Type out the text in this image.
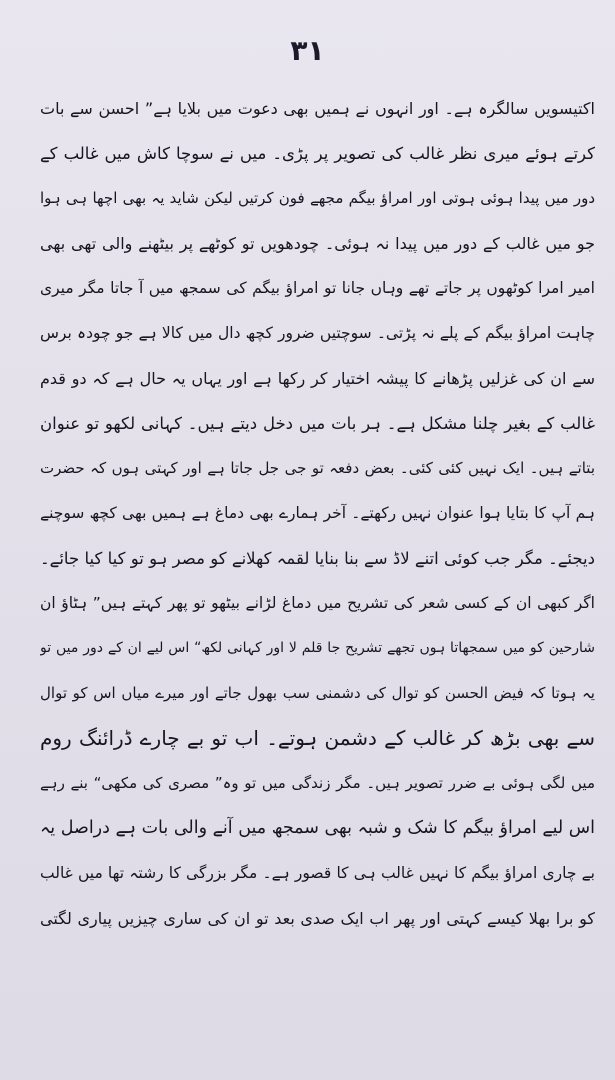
۳۱
اکتیسویں سالگرہ ہے۔ اور انہوں نے ہمیں بھی دعوت میں بلایا ہے” احسن سے بات
کرتے ہوئے میری نظر غالب کی تصویر پر پڑی۔ میں نے سوچا کاش میں غالب کے
دور میں پیدا ہوئی ہوتی اور امراؤ بیگم مجھے فون کرتیں لیکن شاید یہ بھی اچھا ہی ہوا
جو میں غالب کے دور میں پیدا نہ ہوئی۔ چودھویں تو کوٹھے پر بیٹھنے والی تھی بھی
امیر امرا کوٹھوں پر جاتے تھے وہاں جانا تو امراؤ بیگم کی سمجھ میں آ جاتا مگر میری
چاہت امراؤ بیگم کے پلے نہ پڑتی۔ سوچتیں ضرور کچھ دال میں کالا ہے جو چودہ برس
سے ان کی غزلیں پڑھانے کا پیشہ اختیار کر رکھا ہے اور یہاں یہ حال ہے کہ دو قدم
غالب کے بغیر چلنا مشکل ہے۔ ہر بات میں دخل دیتے ہیں۔ کہانی لکھو تو عنوان
بتاتے ہیں۔ ایک نہیں کئی کئی۔ بعض دفعہ تو جی جل جاتا ہے اور کہتی ہوں کہ حضرت
ہم آپ کا بتایا ہوا عنوان نہیں رکھتے۔ آخر ہمارے بھی دماغ ہے ہمیں بھی کچھ سوچنے
دیجئے۔ مگر جب کوئی اتنے لاڈ سے بنا بنایا لقمہ کھلانے کو مصر ہو تو کیا کیا جائے۔
اگر کبھی ان کے کسی شعر کی تشریح میں دماغ لڑانے بیٹھو تو پھر کہتے ہیں” ہٹاؤ ان
شارحین کو میں سمجھاتا ہوں تجھے تشریح جا قلم لا اور کہانی لکھ“ اس لیے ان کے دور میں تو
یہ ہوتا کہ فیض الحسن کو توال کی دشمنی سب بھول جاتے اور میرے میاں اس کو توال
سے بھی بڑھ کر غالب کے دشمن ہوتے۔ اب تو بے چارے ڈرائنگ روم
میں لگی ہوئی بے ضرر تصویر ہیں۔ مگر زندگی میں تو وہ” مصری کی مکھی“ بنے رہے
اس لیے امراؤ بیگم کا شک و شبہ بھی سمجھ میں آنے والی بات ہے دراصل یہ
بے چاری امراؤ بیگم کا نہیں غالب ہی کا قصور ہے۔ مگر بزرگی کا رشتہ تھا میں غالب
کو برا بھلا کیسے کہتی اور پھر اب ایک صدی بعد تو ان کی ساری چیزیں پیاری لگتی
